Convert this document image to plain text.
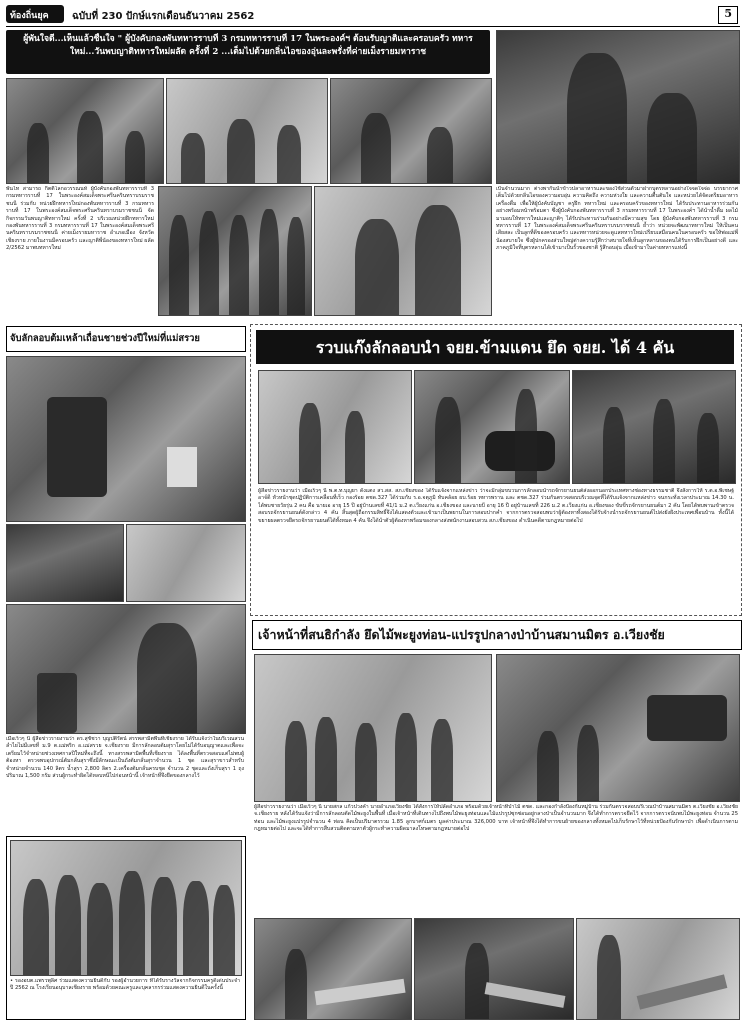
ท้องถิ่นยุค ฉบับที่ 230 ปักษ์แรกเดือนธันวาคม 2562	5
ผู้พันใจดี...เห็นแล้วชื่นใจ " ผู้บังคับกองพันทหารราบที่ 3 กรมทหารราบที่ 17 ในพระองค์ฯ ต้อนรับญาติและครอบครัว ทหารใหม่...วันพบญาติทหารใหม่ผลัด ครั้งที่ 2 ...เต็มไปด้วยกลิ่นไอของอุ่นละพรั่งที่ค่ายเม็งรายมหาราช
พันโท สามารถ กิตติโลกอวรรณนท์ ผู้บังคับกองพันทหารราบที่ 3 กรมทหารราบที่ 17 ในพระองค์สมเด็จพระศรีนครินทราบรมราชชนนี ร่วมกับ หน่วยฝึกทหารใหม่กองพันทหารราบที่ 3 กรมทหารราบที่ 17 ในพระองค์สมเด็จพระศรีนครินทราบรมราชชนนี จัดกิจกรรมวันพบญาติทหารใหม่ ครั้งที่ 2 บริเวณหน่วยฝึกทหารใหม่กองพันทหารราบที่ 3 กรมทหารราบที่ 17 ในพระองค์สมเด็จพระศรีนครินทราบรมราชชนนี ค่ายเม็งรายมหาราช อำเภอเมือง จังหวัดเชียงราย ภายในงานมีครอบครัว และญาติพี่น้องของทหารใหม่ ผลัด 2/2562 มาพบทหารใหม่
เป็นจำนวนมาก ต่างพากันนำข้าวปลาอาหารและของใช้ส่วนตัวมาฝากบุตรหลานอย่างใจจดใจจ่อ บรรยากาศเต็มไปด้วยกลิ่นไอของความอบอุ่น ความคิดถึง ความห่วงใย และความตื้นตันใจ และหน่วยได้จัดเตรียมอาหารเครื่องดื่ม เพื่อให้ผู้บังคับบัญชา ครูฝึก ทหารใหม่ และครอบครัวของทหารใหม่ ได้รับประทานอาหารร่วมกันอย่างพร้อมหน้าพร้อมตา ซึ่งผู้บังคับกองพันทหารราบที่ 3 กรมทหารราบที่ 17 ในพระองค์ฯ ได้นำน้ำดื่ม ผลไม้มามอบให้ทหารใหม่และญาติๆ ได้รับประทานร่วมกันอย่างมีความสุข โดย ผู้บังคับกองพันทหารราบที่ 3 กรมทหารราบที่ 17 ในพระองค์สมเด็จพระศรีนครินทราบรมราชชนนี ย้ำว่า หน่วยจะพัฒนาทหารใหม่ ให้เป็นคนเสียสละ เป็นลูกที่ดีของครอบครัว และทหารหน่วยจะดูแลทหารใหม่เปรียบเสมือนคนในครอบครัว ขอให้พ่อแม่พี่น้องสบายใจ ซึ่งผู้ปกครองส่วนใหญ่ต่างความรู้สึกว่าสบายใจที่เห็นลูกหลานของตนได้รับการฝึกเป็นอย่างดี และภาคภูมิใจที่บุตรหลานได้เข้ามาเป็นรั้วของชาติ รู้สึกอบอุ่น เมื่อเข้ามาในค่ายทหารแห่งนี้
จับลักลอบต้มเหล้าเถื่อนชายช่วงปีใหม่ที่แม่สรวย
เมื่อเร็วๆ นี้ ผู้สื่อข่าวรายงานว่า ดร.สุชัชวา บุญปติรัตน์ สรรพสามิตพื้นที่เชียงราย ได้รับแจ้งว่าในบริเวณสวนลำไยไม่มีเลขที่ ม.9 ต.แม่พริก อ.แม่สรวย จ.เชียงราย มีการลักลอบต้มสุราโดยไม่ได้รับอนุญาตและเพื่อจะเตรียมไว้จำหน่ายช่วงเทศกาลปีใหม่ที่จะถึงนี้ ทางสรรพสามิตพื้นที่เชียงราย ได้ลงพื้นที่ตรวจสอบแต่ไม่พบผู้ต้องหา ตรวจพบอุปกรณ์ต้มกลั่นสุราซึ่งมีลักษณะเป็นถังต้มกลั่นสุราจำนวน 1 ชุด และสุราขาวสำหรับจำหน่ายจำนวน 140 ลิตร น้ำสุรา 2,800 ลิตร 2.เครื่องต้มกลั่นครบชุด จำนวน 2 ชุดและถังเก็บสุรา 1 ถุง ปริมาณ 1,500 กรัม ส่วนผู้กระทำผิดได้หลบหนีไปก่อนหน้านี้ เจ้าหน้าที่จึงยึดของกลางไว้
• รองอบต.แพรวพุลิศ ร่วมแสดงความยินดีกับ รองผู้อำนวยการ ที่ได้รับรางวัลจากกิจกรรมครูดีเด่นประจำปี 2562 ณ โรงเรียนอนุบาลเชียงราย พร้อมด้วยคณะครูและบุคลากรร่วมแสดงความยินดีในครั้งนี้
รวบแก๊งลักลอบนำ จยย.ข้ามแดน ยึด จยย. ได้ 4 คัน
ผู้สื่อข่าวรายงานว่า เมื่อเร็วๆ นี้ พ.ต.ท.บุญยา ดังแตง สว.สส. สภ.เชียงของ ได้รับแจ้งจากแหล่งข่าว ว่าจะมีกลุ่มขบวนการลักลอบนำรถจักรยานยนต์ส่งออกนอกประเทศทางช่องทางธรรมชาติ จึงสั่งการให้ ร.ต.อ.พิเชษฐ์ อาจ์ดี หัวหน้าชุดปฏิบัติการเคลื่อนที่เร็ว กองร้อย ตชด.327 ได้ร่วมกับ ร.อ.จตุภูมิ ทับคล้อย ผบ.ร้อย ทหารพราน และ ตชด.327 ร่วมกันตรวจสอบบริเวณจุดที่ได้รับแจ้งจากแหล่งข่าว จนกระทั่งเวลาประมาณ 14.30 น. ได้พบชายวัยรุ่น 2 คน คือ นายเอ อายุ 15 ปี อยู่บ้านเลขที่ 41/1 ม.2 ต.เวียงแก่น อ.เชียงของ และนายบี อายุ 16 ปี อยู่บ้านเลขที่ 226 ม.2 ต.เวียงแก่น อ.เชียงของ ขับขี่รถจักรยานยนต์มา 2 คัน โดยได้พบพานเข้าตรวจสอบรถจักรยานยนต์ดังกล่าว 4 คัน สิ้นสุดผู้ถือกรรมสิทธิ์จึงได้แสดงตัวและเข้ามาเป็นพยานในการสอบปากคำ จากการตรวจสอบพบว่าผู้ต้องหาทั้งสองได้รับจ้างนำรถจักรยานยนต์ไปส่งยังฝั่งประเทศเพื่อนบ้าน ทั้งนี้ได้ขยายผลตรวจยึดรถจักรยานยนต์ได้ทั้งหมด 4 คัน จึงได้นำตัวผู้ต้องหาพร้อมของกลางส่งพนักงานสอบสวน สภ.เชียงของ ดำเนินคดีตามกฎหมายต่อไป
เจ้าหน้าที่สนธิกำลัง ยึดไม้พะยูงท่อน-แปรรูปกลางป่าบ้านสมานมิตร อ.เวียงชัย
ผู้สื่อข่าวรายงานว่า เมื่อเร็วๆ นี้ นายสกล แก้วปวงคำ นายอำเภอเวียงชัย ได้สั่งการให้ปลัดอำเภอ พร้อมด้วยเจ้าหน้าที่ป่าไม้ ตชด. และกองกำลังป้องกันหมู่บ้าน ร่วมกันตรวจสอบบริเวณป่าบ้านสมานมิตร ต.เวียงชัย อ.เวียงชัย จ.เชียงราย หลังได้รับแจ้งว่ามีการลักลอบตัดไม้พะยูงในพื้นที่ เมื่อเจ้าหน้าที่เดินทางไปถึงพบไม้พะยูงท่อนและไม้แปรรูปซุกซ่อนอยู่กลางป่าเป็นจำนวนมาก จึงได้ทำการตรวจยึดไว้ จากการตรวจนับพบไม้พะยูงท่อน จำนวน 25 ท่อน และไม้พะยูงแปรรูปจำนวน 4 ท่อน คิดเป็นปริมาตรรวม 1.85 ลูกบาศก์เมตร มูลค่าประมาณ 326,000 บาท เจ้าหน้าที่จึงได้ทำการขนย้ายของกลางทั้งหมดไปเก็บรักษาไว้ที่หน่วยป้องกันรักษาป่า เพื่อดำเนินการตามกฎหมายต่อไป และจะได้ทำการสืบสวนติดตามหาตัวผู้กระทำความผิดมาลงโทษตามกฎหมายต่อไป
